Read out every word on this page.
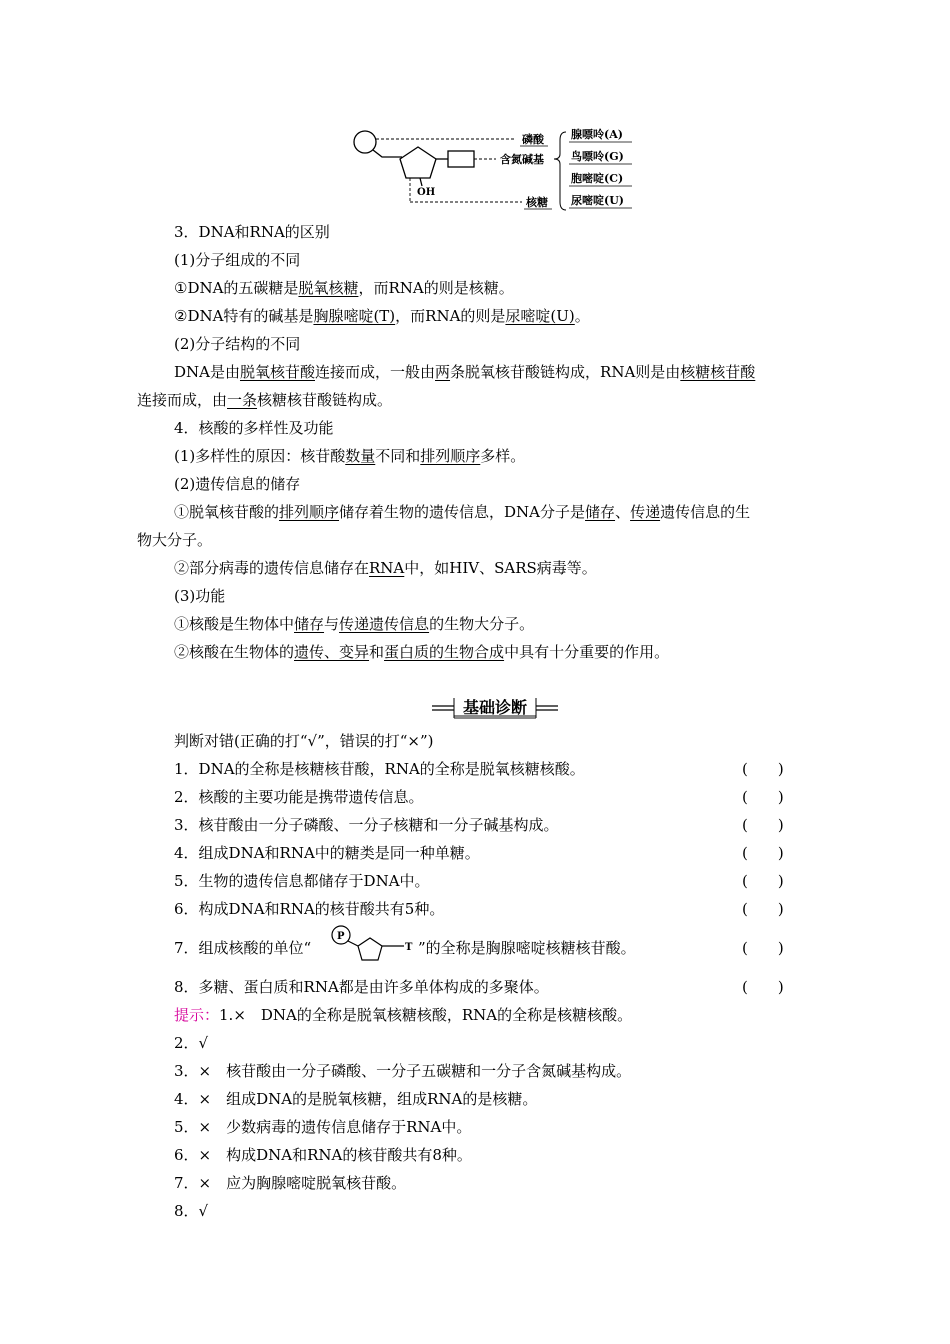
OH
磷酸
含氮碱基
核糖
腺嘌呤(A)
鸟嘌呤(G)
胞嘧啶(C)
尿嘧啶(U)
3．DNA和RNA的区别
(1)分子组成的不同
①DNA的五碳糖是脱氧核糖，而RNA的则是核糖。
②DNA特有的碱基是胸腺嘧啶(T)，而RNA的则是尿嘧啶(U)。
(2)分子结构的不同
DNA是由脱氧核苷酸连接而成，一般由两条脱氧核苷酸链构成，RNA则是由核糖核苷酸
连接而成，由一条核糖核苷酸链构成。
4．核酸的多样性及功能
(1)多样性的原因：核苷酸数量不同和排列顺序多样。
(2)遗传信息的储存
①脱氧核苷酸的排列顺序储存着生物的遗传信息，DNA分子是储存、传递遗传信息的生
物大分子。
②部分病毒的遗传信息储存在RNA中，如HIV、SARS病毒等。
(3)功能
①核酸是生物体中储存与传递遗传信息的生物大分子。
②核酸在生物体的遗传、变异和蛋白质的生物合成中具有十分重要的作用。
基础诊断
判断对错(正确的打“√”，错误的打“×”)
1．DNA的全称是核糖核苷酸，RNA的全称是脱氧核糖核酸。	(　　)
2．核酸的主要功能是携带遗传信息。	(　　)
3．核苷酸由一分子磷酸、一分子核糖和一分子碱基构成。	(　　)
4．组成DNA和RNA中的糖类是同一种单糖。	(　　)
5．生物的遗传信息都储存于DNA中。	(　　)
6．构成DNA和RNA的核苷酸共有5种。	(　　)
7．组成核酸的单位“
P
T ”的全称是胸腺嘧啶核糖核苷酸。	(　　)
8．多糖、蛋白质和RNA都是由许多单体构成的多聚体。	(　　)
提示：1.×　DNA的全称是脱氧核糖核酸，RNA的全称是核糖核酸。
2．√
3．×　核苷酸由一分子磷酸、一分子五碳糖和一分子含氮碱基构成。
4．×　组成DNA的是脱氧核糖，组成RNA的是核糖。
5．×　少数病毒的遗传信息储存于RNA中。
6．×　构成DNA和RNA的核苷酸共有8种。
7．×　应为胸腺嘧啶脱氧核苷酸。
8．√
